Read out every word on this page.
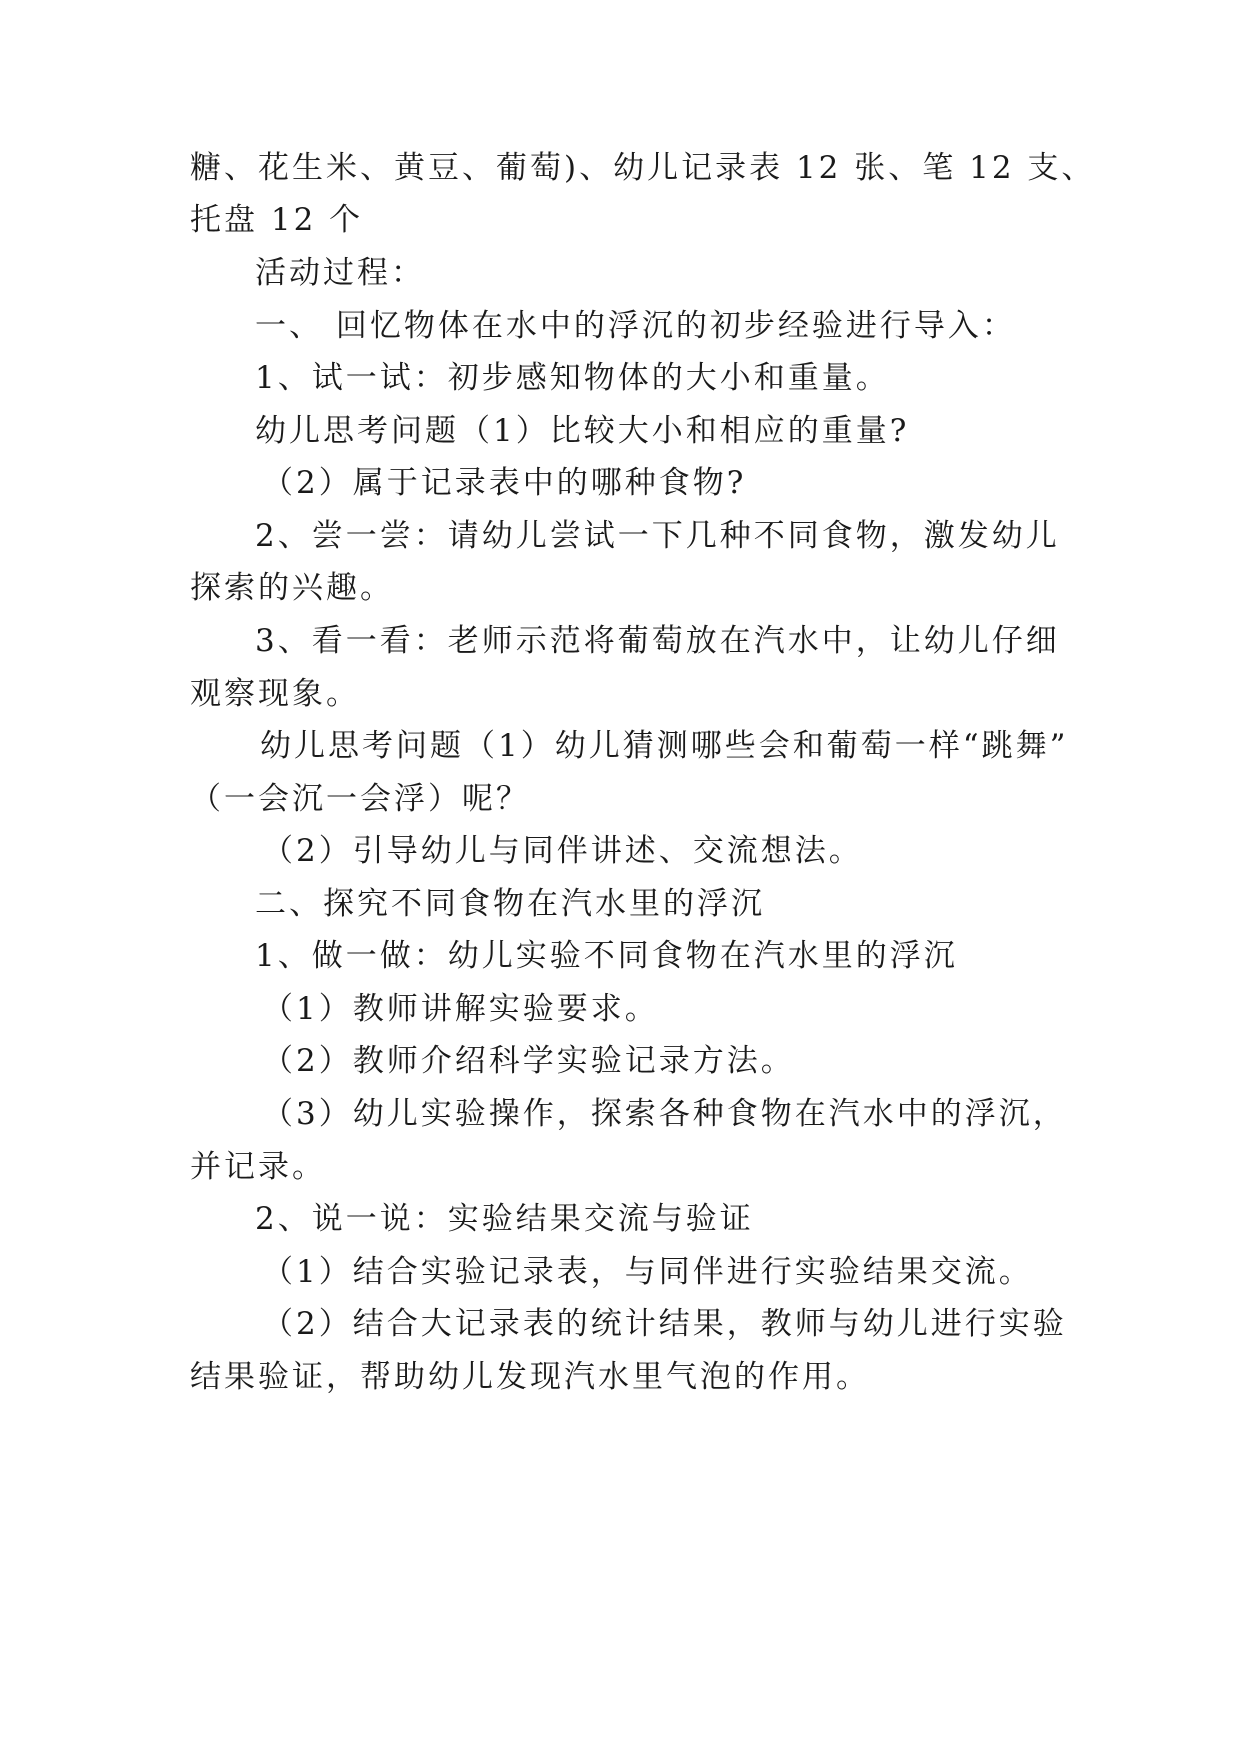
糖、花生米、黄豆、葡萄)、幼儿记录表 12 张、笔 12 支、
托盘 12 个
活动过程：
一、 回忆物体在水中的浮沉的初步经验进行导入：
1、试一试：初步感知物体的大小和重量。
幼儿思考问题（1）比较大小和相应的重量?
（2）属于记录表中的哪种食物?
2、尝一尝：请幼儿尝试一下几种不同食物，激发幼儿
探索的兴趣。
3、看一看：老师示范将葡萄放在汽水中，让幼儿仔细
观察现象。
幼儿思考问题（1）幼儿猜测哪些会和葡萄一样“跳舞”
（一会沉一会浮）呢？
（2）引导幼儿与同伴讲述、交流想法。
二、探究不同食物在汽水里的浮沉
1、做一做：幼儿实验不同食物在汽水里的浮沉
（1）教师讲解实验要求。
（2）教师介绍科学实验记录方法。
（3）幼儿实验操作，探索各种食物在汽水中的浮沉，
并记录。
2、说一说：实验结果交流与验证
（1）结合实验记录表，与同伴进行实验结果交流。
（2）结合大记录表的统计结果，教师与幼儿进行实验
结果验证，帮助幼儿发现汽水里气泡的作用。
